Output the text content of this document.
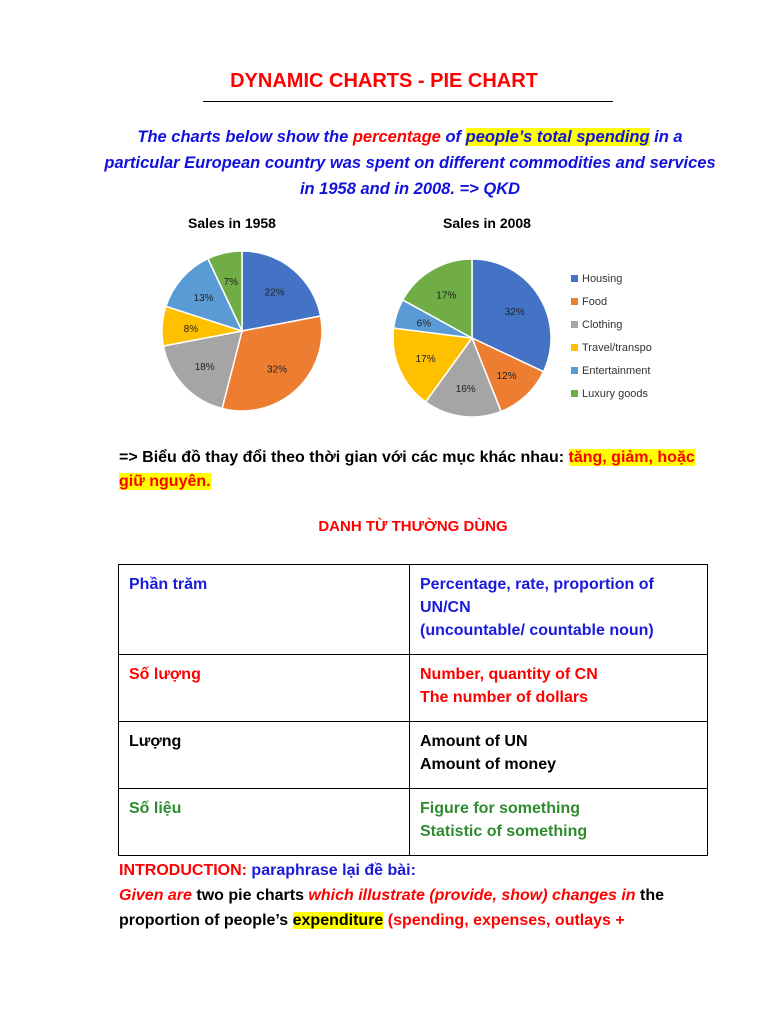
DYNAMIC CHARTS - PIE CHART
The charts below show the percentage of people’s total spending in a particular European country was spent on different commodities and services in 1958 and in 2008. => QKD
Sales in 1958	Sales in 2008
22%
32%
18%
8%
13%
7%
32%
12%
16%
17%
6%
17%
Housing
Food
Clothing
Travel/transpo
Entertainment
Luxury goods
=> Biểu đồ thay đổi theo thời gian với các mục khác nhau: tăng, giảm, hoặc giữ nguyên.
DANH TỪ THƯỜNG DÙNG
Phần trăm	Percentage, rate, proportion of UN/CN
(uncountable/ countable noun)

Số lượng	Number, quantity of CN
The number of dollars

Lượng	Amount of UN
Amount of money

Số liệu	Figure for something
Statistic of something
INTRODUCTION: paraphrase lại đề bài:
Given are two pie charts which illustrate (provide, show) changes in the proportion of people’s expenditure (spending, expenses, outlays +
